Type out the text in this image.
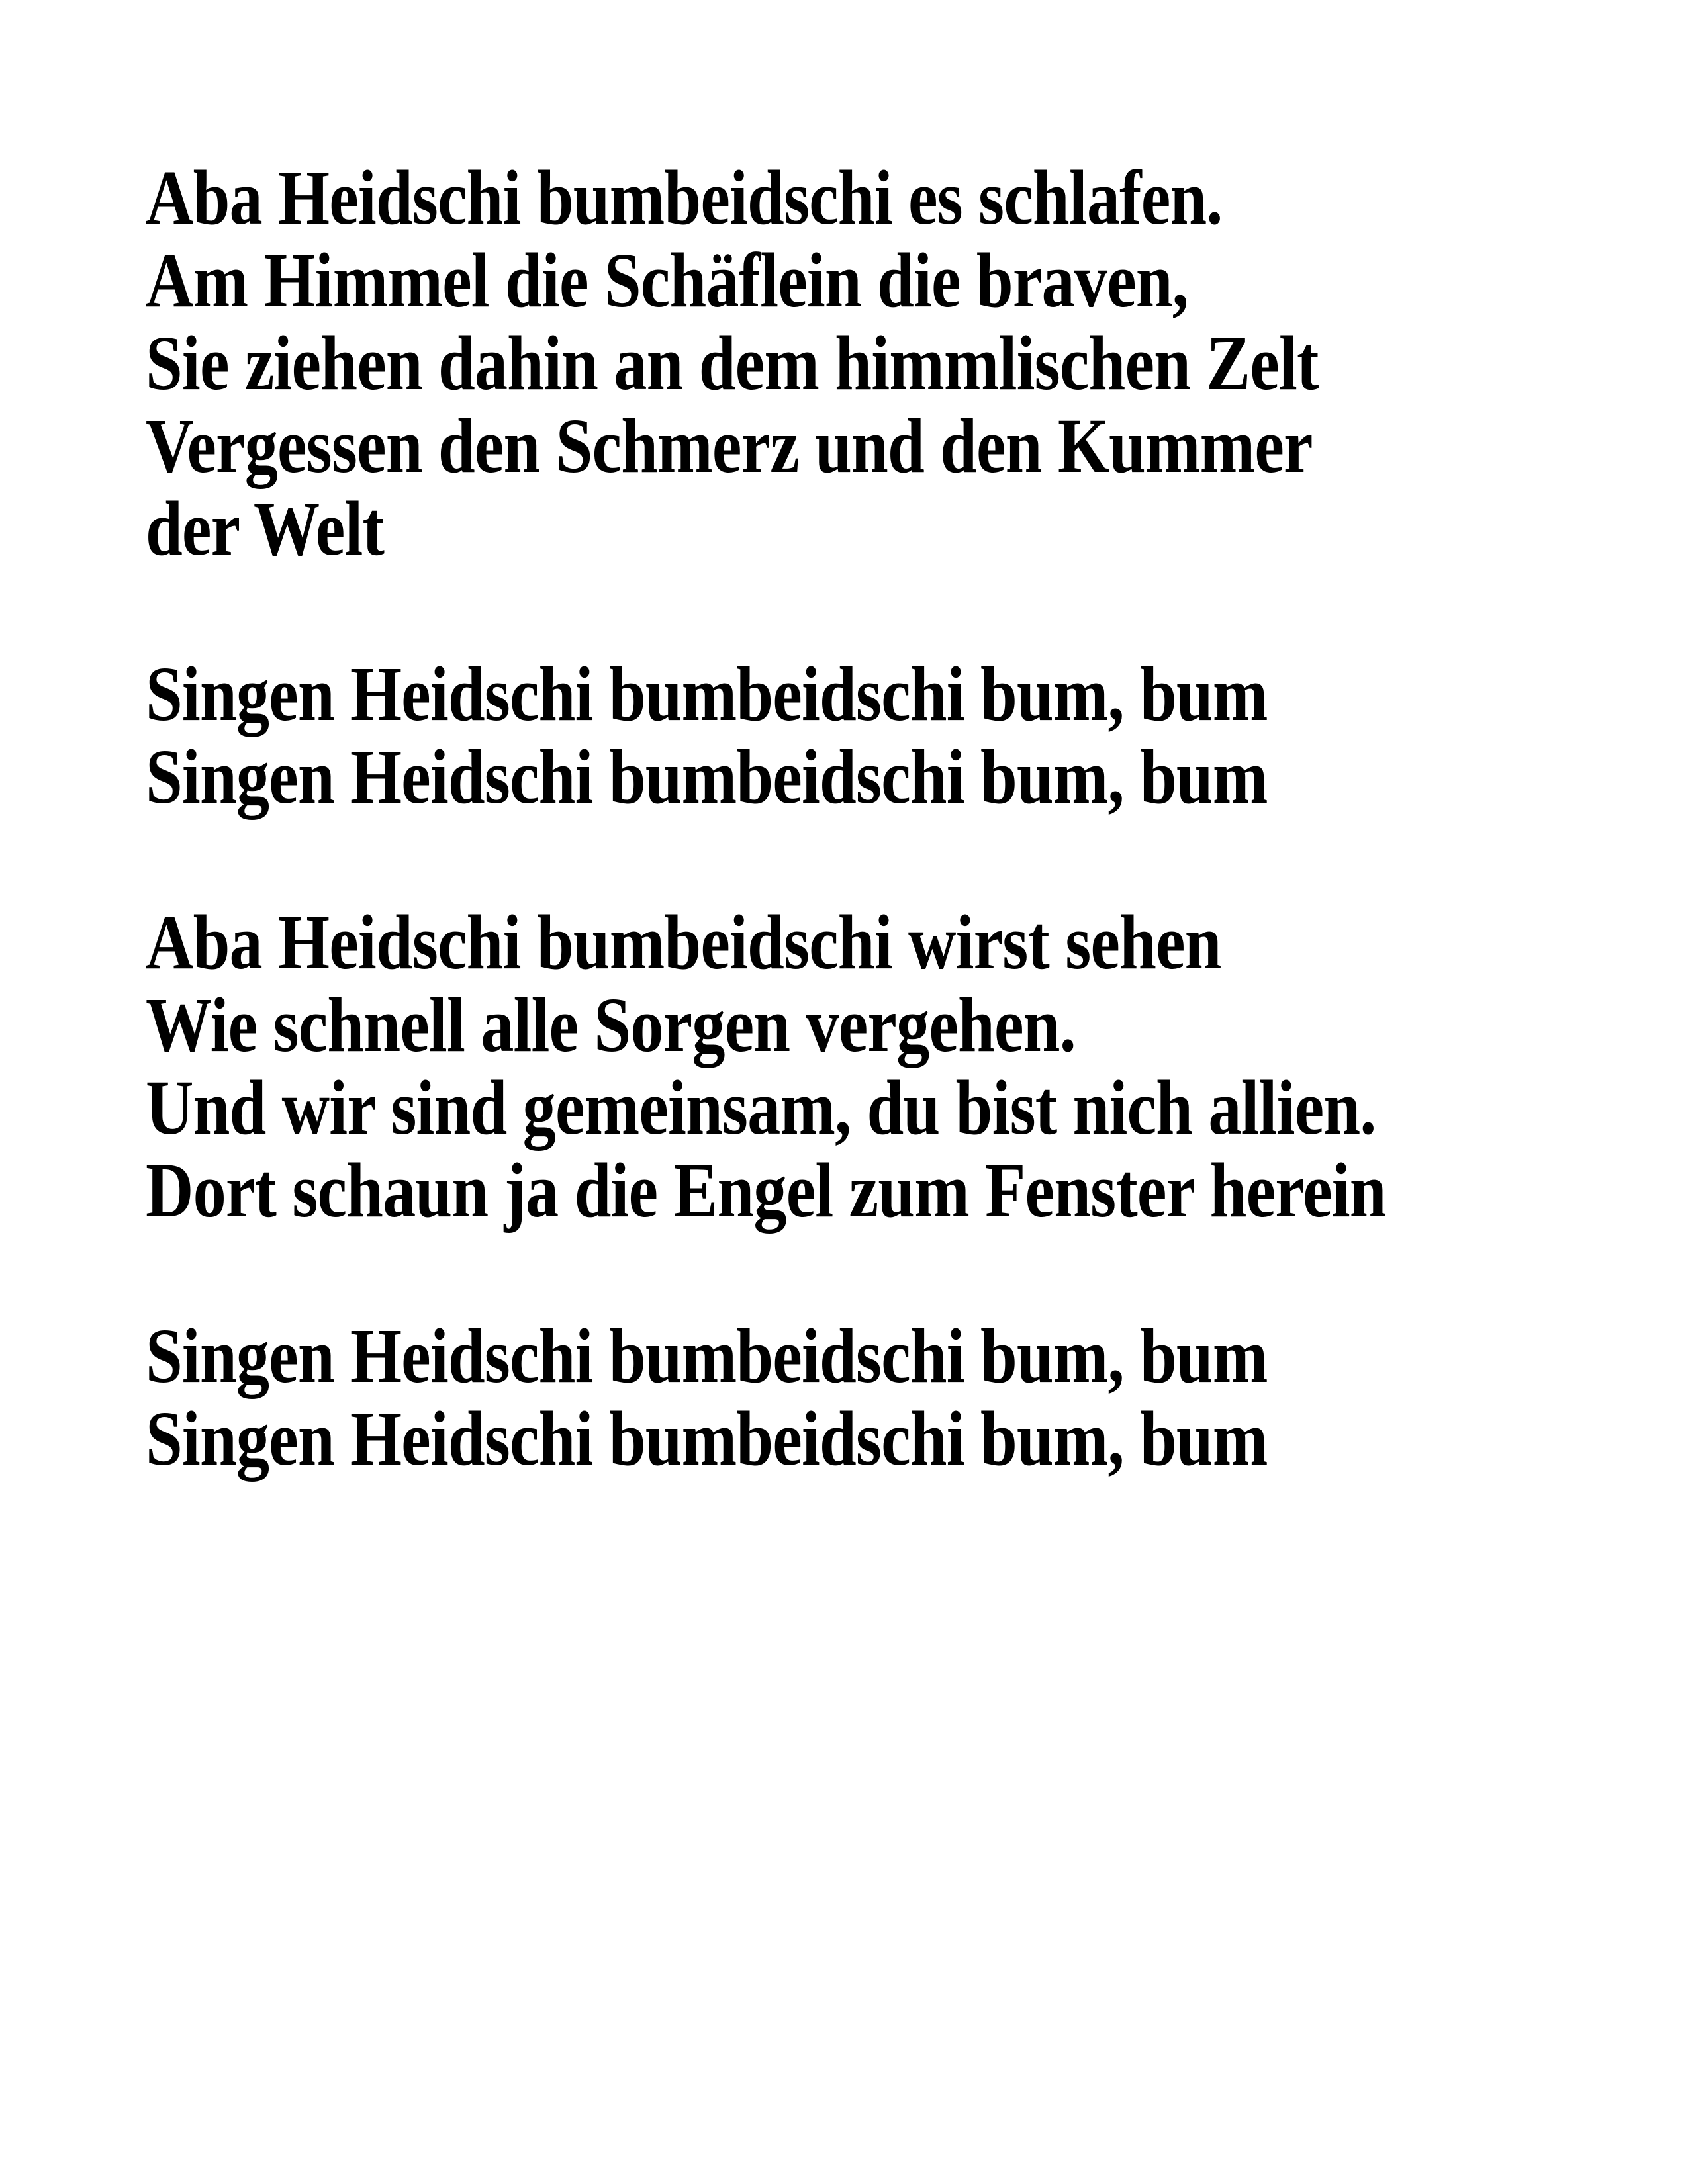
Aba Heidschi bumbeidschi es schlafen.
Am Himmel die Schäflein die braven,
Sie ziehen dahin an dem himmlischen Zelt
Vergessen den Schmerz und den Kummer
der Welt
Singen Heidschi bumbeidschi bum, bum
Singen Heidschi bumbeidschi bum, bum
Aba Heidschi bumbeidschi wirst sehen
Wie schnell alle Sorgen vergehen.
Und wir sind gemeinsam, du bist nich allien.
Dort schaun ja die Engel zum Fenster herein
Singen Heidschi bumbeidschi bum, bum
Singen Heidschi bumbeidschi bum, bum
